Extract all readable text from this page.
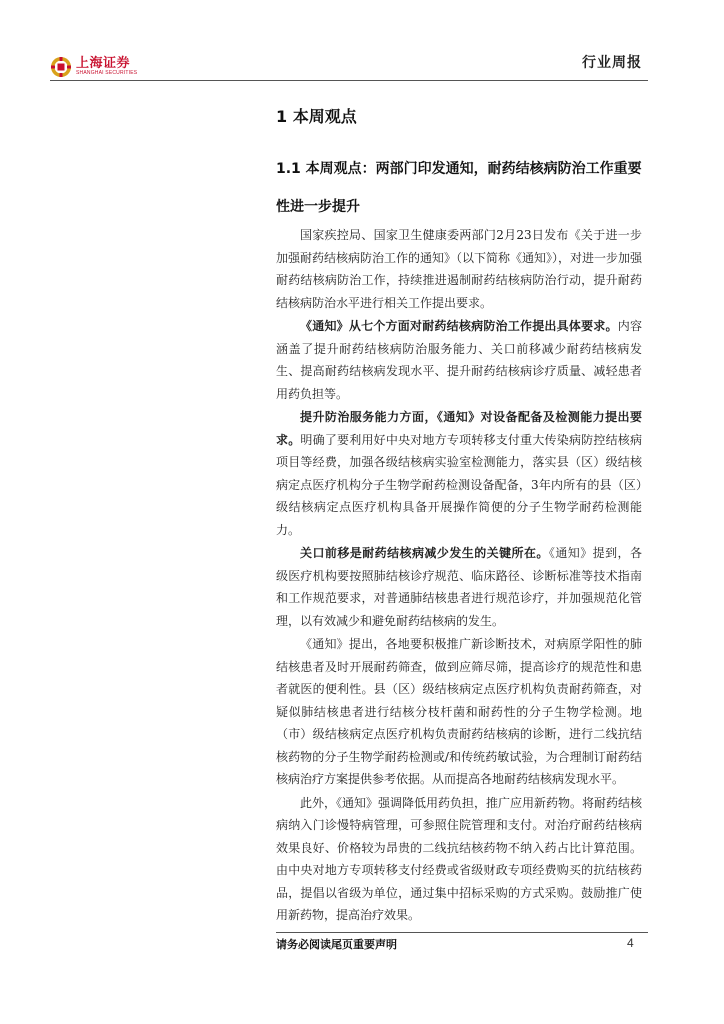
上海证券
SHANGHAI SECURITIES
行业周报
1 本周观点
1.1 本周观点：两部门印发通知，耐药结核病防治工作重要性进一步提升

国家疾控局、国家卫生健康委两部门2月23日发布《关于进一步加强耐药结核病防治工作的通知》（以下简称《通知》），对进一步加强耐药结核病防治工作，持续推进遏制耐药结核病防治行动，提升耐药结核病防治水平进行相关工作提出要求。

《通知》从七个方面对耐药结核病防治工作提出具体要求。内容涵盖了提升耐药结核病防治服务能力、关口前移减少耐药结核病发生、提高耐药结核病发现水平、提升耐药结核病诊疗质量、减轻患者用药负担等。

提升防治服务能力方面，《通知》对设备配备及检测能力提出要求。明确了要利用好中央对地方专项转移支付重大传染病防控结核病项目等经费，加强各级结核病实验室检测能力，落实县（区）级结核病定点医疗机构分子生物学耐药检测设备配备，3年内所有的县（区）级结核病定点医疗机构具备开展操作简便的分子生物学耐药检测能力。

关口前移是耐药结核病减少发生的关键所在。《通知》提到，各级医疗机构要按照肺结核诊疗规范、临床路径、诊断标准等技术指南和工作规范要求，对普通肺结核患者进行规范诊疗，并加强规范化管理，以有效减少和避免耐药结核病的发生。

《通知》提出，各地要积极推广新诊断技术，对病原学阳性的肺结核患者及时开展耐药筛查，做到应筛尽筛，提高诊疗的规范性和患者就医的便利性。县（区）级结核病定点医疗机构负责耐药筛查，对疑似肺结核患者进行结核分枝杆菌和耐药性的分子生物学检测。地（市）级结核病定点医疗机构负责耐药结核病的诊断，进行二线抗结核药物的分子生物学耐药检测或/和传统药敏试验，为合理制订耐药结核病治疗方案提供参考依据。从而提高各地耐药结核病发现水平。

此外，《通知》强调降低用药负担，推广应用新药物。将耐药结核病纳入门诊慢特病管理，可参照住院管理和支付。对治疗耐药结核病效果良好、价格较为昂贵的二线抗结核药物不纳入药占比计算范围。由中央对地方专项转移支付经费或省级财政专项经费购买的抗结核药品，提倡以省级为单位，通过集中招标采购的方式采购。鼓励推广使用新药物，提高治疗效果。

请务必阅读尾页重要声明	4
